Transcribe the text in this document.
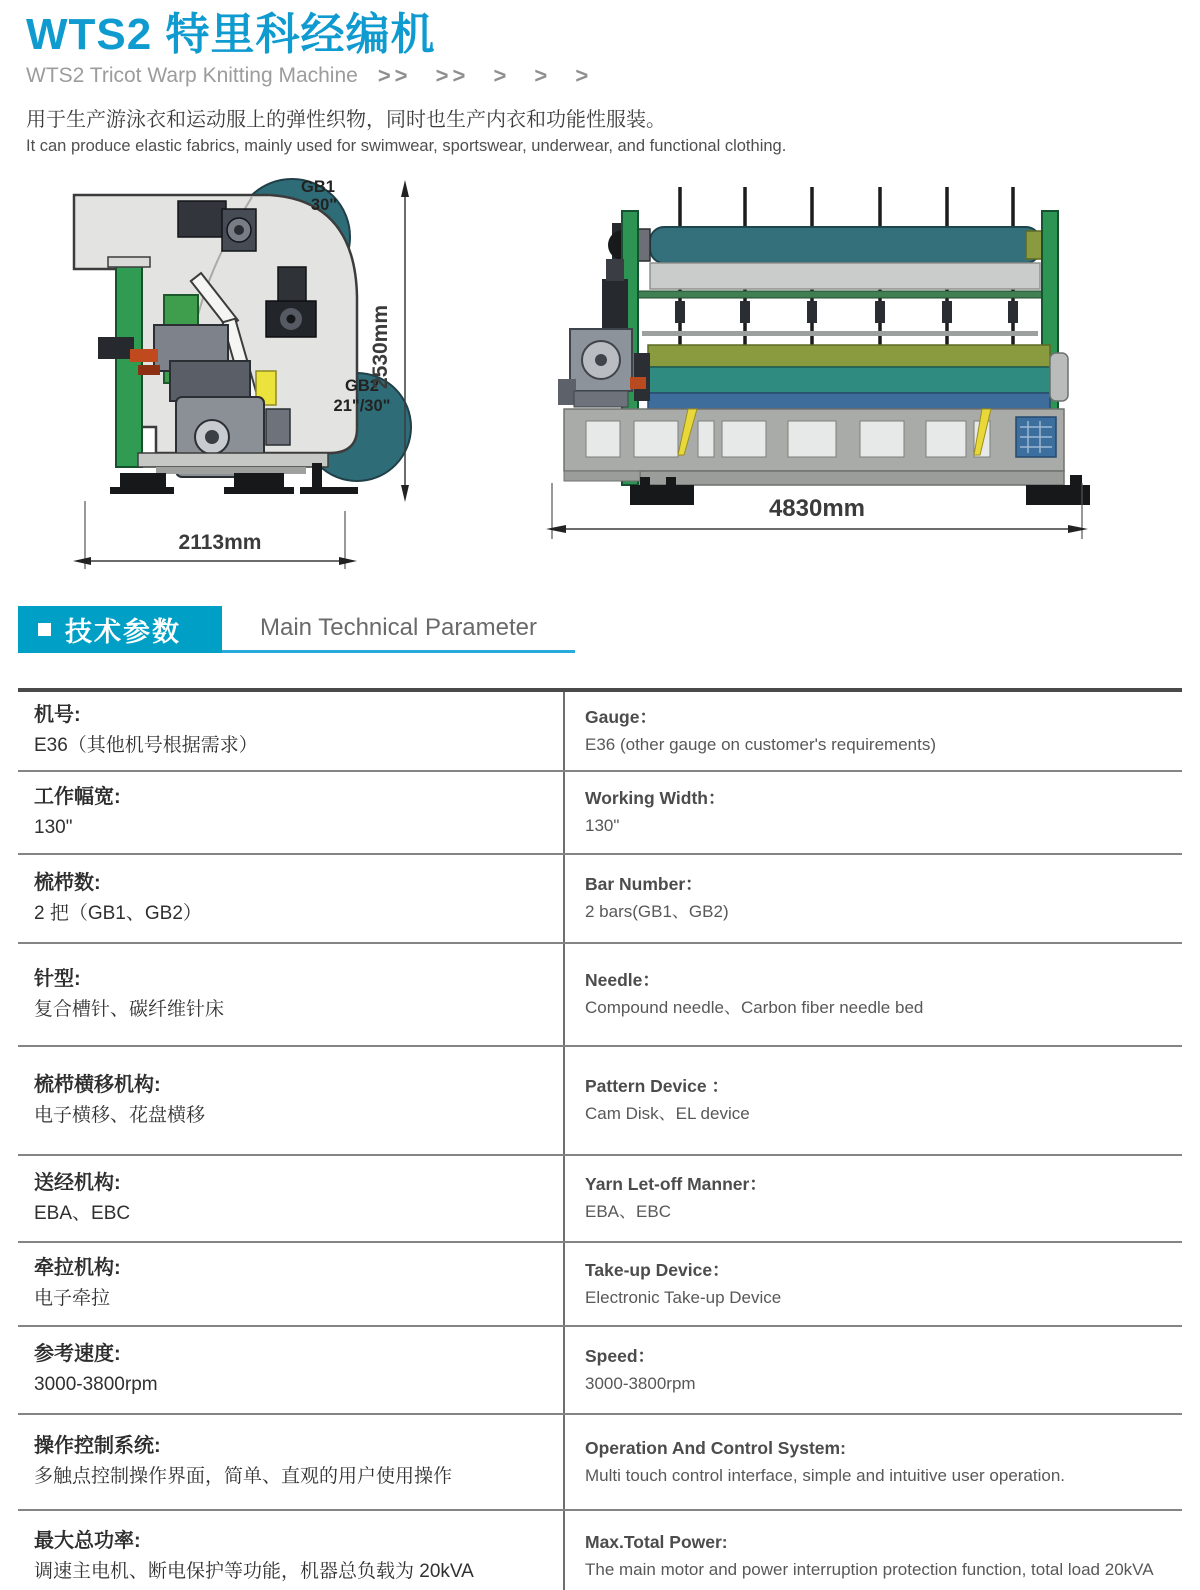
WTS2 特里科经编机
WTS2 Tricot Warp Knitting Machine >> >> > > >
用于生产游泳衣和运动服上的弹性织物，同时也生产内衣和功能性服装。
It can produce elastic fabrics, mainly used for swimwear, sportswear, underwear, and functional clothing.
GB1
30"
GB2
21"/30"
2530mm
2113mm
4830mm
技术参数	Main Technical Parameter
机号:
E36（其他机号根据需求）
Gauge：
E36 (other gauge on customer's requirements)
工作幅宽:
130"
Working Width：
130"
梳栉数:
2 把（GB1、GB2）
Bar Number：
2 bars(GB1、GB2)
针型:
复合槽针、碳纤维针床
Needle：
Compound needle、Carbon fiber needle bed
梳栉横移机构:
电子横移、花盘横移
Pattern Device ：
Cam Disk、EL device
送经机构:
EBA、EBC
Yarn Let-off Manner：
EBA、EBC
牵拉机构:
电子牵拉
Take-up Device：
Electronic Take-up Device
参考速度:
3000-3800rpm
Speed：
3000-3800rpm
操作控制系统:
多触点控制操作界面，简单、直观的用户使用操作
Operation And Control System:
Multi touch control interface, simple and intuitive user operation.
最大总功率:
调速主电机、断电保护等功能，机器总负载为 20kVA
Max.Total Power:
The main motor and power interruption protection function, total load 20kVA
